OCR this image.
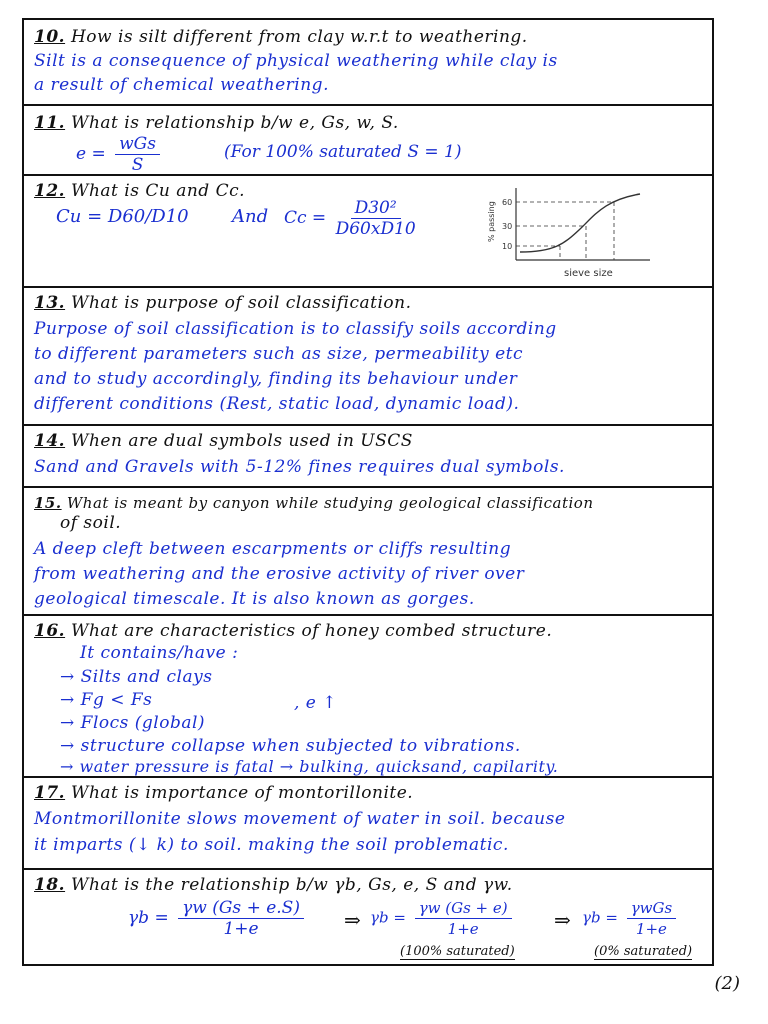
10. How is silt different from clay w.r.t to weathering.
Silt is a consequence of physical weathering while clay is
a result of chemical weathering.
11. What is relationship b/w e, Gs, w, S.
$e = \frac{\text{wGs}}{S}$	(For 100% saturated S = 1)
12. What is Cu and Cc.
Cu = D60/D10 And $Cc = \frac{\text{D30²}}{D60xD10}$	60
30
10
% passing
sieve size
13. What is purpose of soil classification.
Purpose of soil classification is to classify soils according
to different parameters such as size, permeability etc
and to study accordingly, finding its behaviour under
different conditions (Rest, static load, dynamic load).
14. When are dual symbols used in USCS
Sand and Gravels with 5-12% fines requires dual symbols.
15. What is meant by canyon while studying geological classification
of soil.
A deep cleft between escarpments or cliffs resulting
from weathering and the erosive activity of river over
geological timescale. It is also known as gorges.
16. What are characteristics of honey combed structure.
It contains/have :
→ Silts and clays
→ Fg < Fs	, e ↑
→ Flocs (global)
→ structure collapse when subjected to vibrations.
→ water pressure is fatal → bulking, quicksand, capilarity.
17. What is importance of montorillonite.
Montmorillonite slows movement of water in soil. because
it imparts (↓ k) to soil. making the soil problematic.
18. What is the relationship b/w γb, Gs, e, S and γw.
$\gamma b = \frac{\gamma w (Gs + e.S)}{1+e}$ ⇒ $\gamma b = \frac{\gamma w (Gs + e)}{1+e}$ ⇒ $\gamma b = \frac{\text{γwGs}}{1+e}$
(100% saturated)	(0% saturated)
(2)
